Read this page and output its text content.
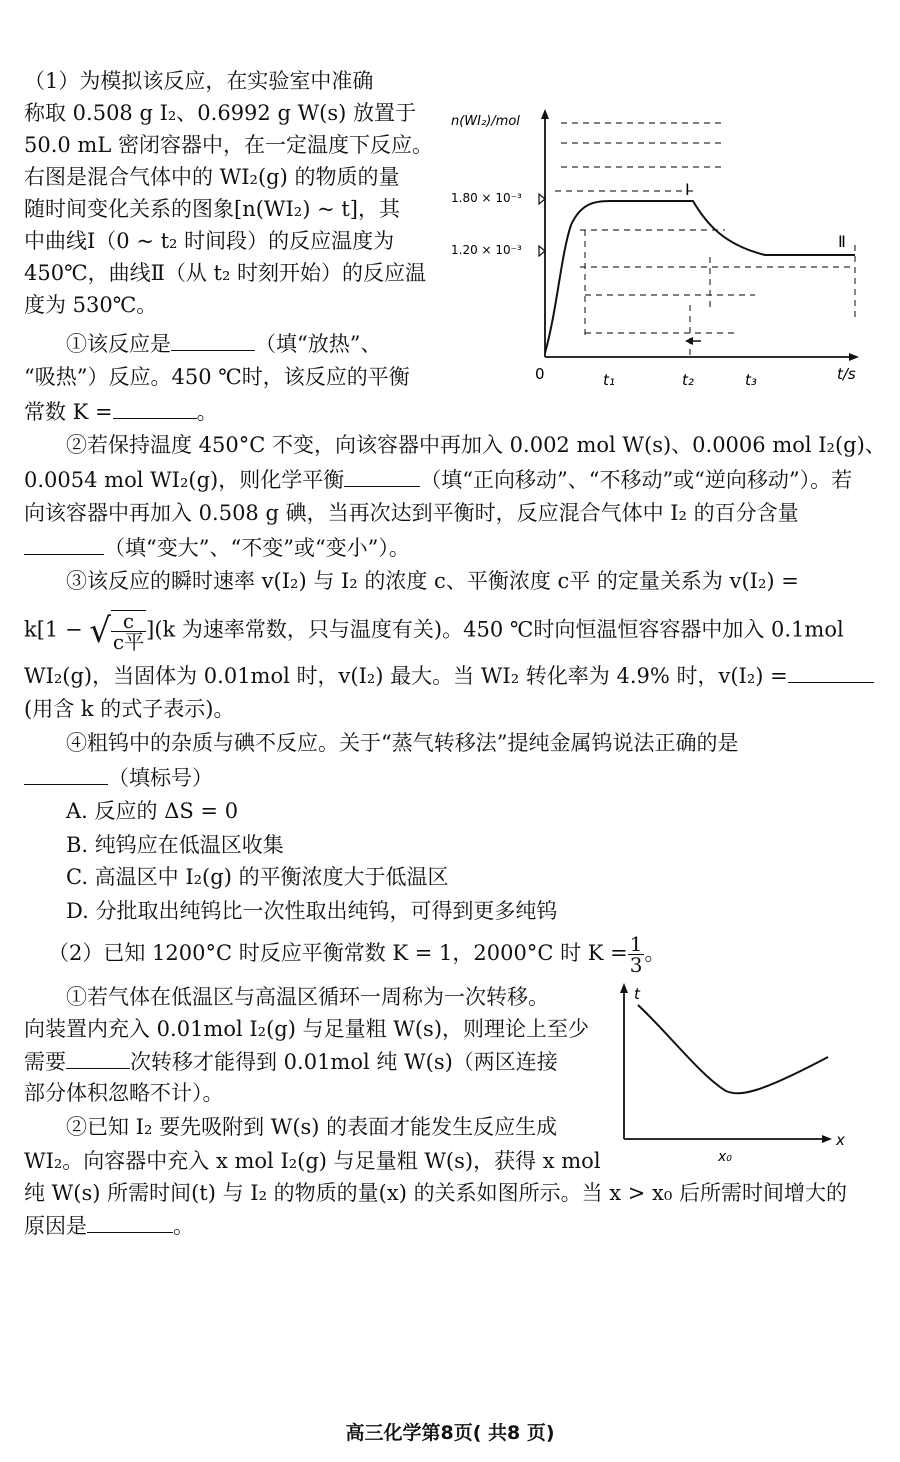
（1）为模拟该反应，在实验室中准确
称取 0.508 g I₂、0.6992 g W(s) 放置于
50.0 mL 密闭容器中，在一定温度下反应。
右图是混合气体中的 WI₂(g) 的物质的量
随时间变化关系的图象[n(WI₂) ~ t]，其
中曲线Ⅰ（0 ~ t₂ 时间段）的反应温度为
450℃，曲线Ⅱ（从 t₂ 时刻开始）的反应温
度为 530℃。
①该反应是	（填“放热”、
“吸热”）反应。450 ℃时，该反应的平衡
常数 K =	。
n(WI₂)/mol
1.80 × 10⁻³
1.20 × 10⁻³
0	t₁	t₂	t₃	t/s
Ⅰ
Ⅱ
②若保持温度 450°C 不变，向该容器中再加入 0.002 mol W(s)、0.0006 mol I₂(g)、
0.0054 mol WI₂(g)，则化学平衡	（填“正向移动”、“不移动”或“逆向移动”）。若
向该容器中再加入 0.508 g 碘，当再次达到平衡时，反应混合气体中 I₂ 的百分含量
（填“变大”、“不变”或“变小”）。
③该反应的瞬时速率 v(I₂) 与 I₂ 的浓度 c、平衡浓度 c平 的定量关系为 v(I₂) =
k[1 − √ $\frac{c}{\text{c平}} ](k$ 为速率常数，只与温度有关)。450 ℃时向恒温恒容容器中加入 0.1mol
WI₂(g)，当固体为 0.01mol 时，v(I₂) 最大。当 WI₂ 转化率为 4.9% 时，v(I₂) =
(用含 k 的式子表示)。
④粗钨中的杂质与碘不反应。关于“蒸气转移法”提纯金属钨说法正确的是
（填标号）
A. 反应的 ΔS = 0
B. 纯钨应在低温区收集
C. 高温区中 I₂(g) 的平衡浓度大于低温区
D. 分批取出纯钨比一次性取出纯钨，可得到更多纯钨
（2）已知 1200°C 时反应平衡常数 K = 1，2000°C 时 $K = \frac{1}{3}$ 。
①若气体在低温区与高温区循环一周称为一次转移。
向装置内充入 0.01mol I₂(g) 与足量粗 W(s)，则理论上至少
需要	次转移才能得到 0.01mol 纯 W(s)（两区连接
部分体积忽略不计）。
②已知 I₂ 要先吸附到 W(s) 的表面才能发生反应生成
WI₂。向容器中充入 x mol I₂(g) 与足量粗 W(s)，获得 x mol
纯 W(s) 所需时间(t) 与 I₂ 的物质的量(x) 的关系如图所示。当 x > x₀ 后所需时间增大的
原因是	。
t
x
x₀
高三化学第8页( 共8 页)
